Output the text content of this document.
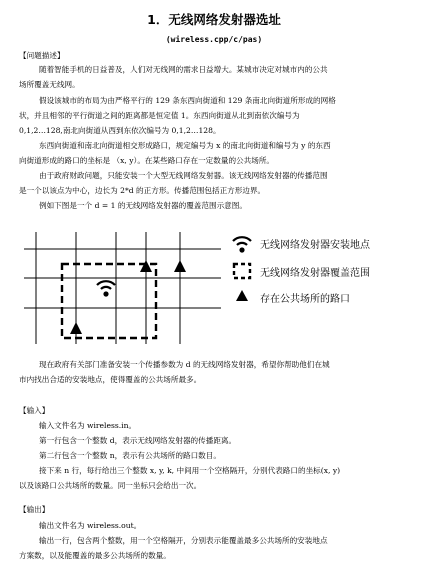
1．无线网络发射器选址
(wireless.cpp/c/pas)
【问题描述】
随着智能手机的日益普及，人们对无线网的需求日益增大。某城市决定对城市内的公共
场所覆盖无线网。
假设该城市的布局为由严格平行的 129 条东西向街道和 129 条南北向街道所形成的网格
状，并且相邻的平行街道之间的距离都是恒定值 1。东西向街道从北到南依次编号为
0,1,2…128,南北向街道从西到东依次编号为 0,1,2…128。
东西向街道和南北向街道相交形成路口，规定编号为 x 的南北向街道和编号为 y 的东西
向街道形成的路口的坐标是 （x, y）。在某些路口存在一定数量的公共场所。
由于政府财政问题，只能安装一个大型无线网络发射器。该无线网络发射器的传播范围
是一个以该点为中心，边长为 2*d 的正方形。传播范围包括正方形边界。
例如下图是一个 d = 1 的无线网络发射器的覆盖范围示意图。
无线网络发射器安装地点
无线网络发射器覆盖范围
存在公共场所的路口
现在政府有关部门准备安装一个传播参数为 d 的无线网络发射器，希望你帮助他们在城
市内找出合适的安装地点，使得覆盖的公共场所最多。
【输入】
输入文件名为 wireless.in。
第一行包含一个整数 d，表示无线网络发射器的传播距离。
第二行包含一个整数 n，表示有公共场所的路口数目。
接下来 n 行，每行给出三个整数 x, y, k, 中间用一个空格隔开，分别代表路口的坐标(x, y)
以及该路口公共场所的数量。同一坐标只会给出一次。
【输出】
输出文件名为 wireless.out。
输出一行，包含两个整数，用一个空格隔开，分别表示能覆盖最多公共场所的安装地点
方案数，以及能覆盖的最多公共场所的数量。
